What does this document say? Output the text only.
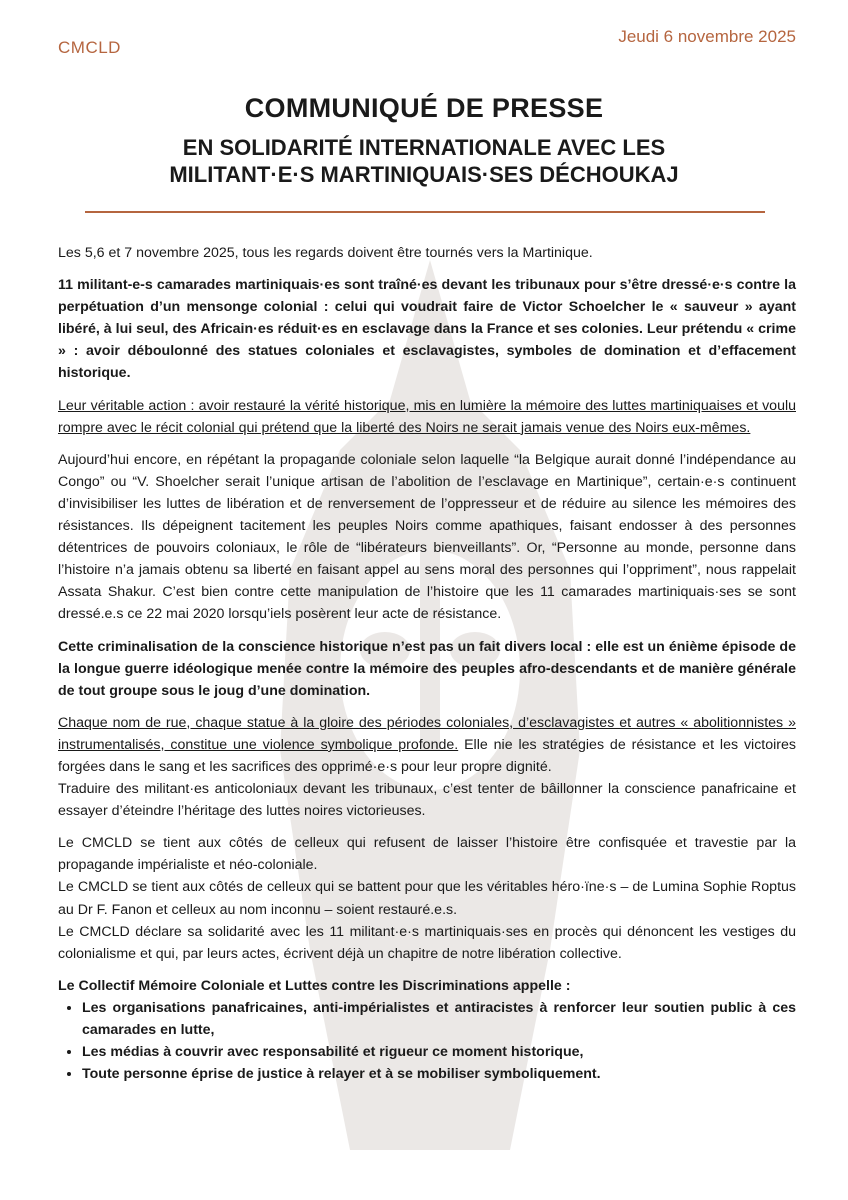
CMCLD
Jeudi 6 novembre 2025
COMMUNIQUÉ DE PRESSE
EN SOLIDARITÉ INTERNATIONALE AVEC LES
MILITANT·E·S MARTINIQUAIS·SES DÉCHOUKAJ

Les 5,6 et 7 novembre 2025, tous les regards doivent être tournés vers la Martinique.

11 militant-e-s camarades martiniquais·es sont traîné·es devant les tribunaux pour s’être dressé·e·s contre la perpétuation d’un mensonge colonial : celui qui voudrait faire de Victor Schoelcher le « sauveur » ayant libéré, à lui seul, des Africain·es réduit·es en esclavage dans la France et ses colonies. Leur prétendu « crime » : avoir déboulonné des statues coloniales et esclavagistes, symboles de domination et d’effacement historique.

Leur véritable action : avoir restauré la vérité historique, mis en lumière la mémoire des luttes martiniquaises et voulu rompre avec le récit colonial qui prétend que la liberté des Noirs ne serait jamais venue des Noirs eux-mêmes.

Aujourd’hui encore, en répétant la propagande coloniale selon laquelle “la Belgique aurait donné l’indépendance au Congo” ou “V. Shoelcher serait l’unique artisan de l’abolition de l’esclavage en Martinique”, certain·e·s continuent d’invisibiliser les luttes de libération et de renversement de l’oppresseur et de réduire au silence les mémoires des résistances. Ils dépeignent tacitement les peuples Noirs comme apathiques, faisant endosser à des personnes détentrices de pouvoirs coloniaux, le rôle de “libérateurs bienveillants”. Or, “Personne au monde, personne dans l’histoire n’a jamais obtenu sa liberté en faisant appel au sens moral des personnes qui l’oppriment”, nous rappelait Assata Shakur. C’est bien contre cette manipulation de l’histoire que les 11 camarades martiniquais·ses se sont dressé.e.s ce 22 mai 2020 lorsqu’iels posèrent leur acte de résistance.

Cette criminalisation de la conscience historique n’est pas un fait divers local : elle est un énième épisode de la longue guerre idéologique menée contre la mémoire des peuples afro-descendants et de manière générale de tout groupe sous le joug d’une domination.

Chaque nom de rue, chaque statue à la gloire des périodes coloniales, d’esclavagistes et autres « abolitionnistes » instrumentalisés, constitue une violence symbolique profonde. Elle nie les stratégies de résistance et les victoires forgées dans le sang et les sacrifices des opprimé·e·s pour leur propre dignité.

Traduire des militant·es anticoloniaux devant les tribunaux, c’est tenter de bâillonner la conscience panafricaine et essayer d’éteindre l’héritage des luttes noires victorieuses.

Le CMCLD se tient aux côtés de celleux qui refusent de laisser l’histoire être confisquée et travestie par la propagande impérialiste et néo-coloniale.

Le CMCLD se tient aux côtés de celleux qui se battent pour que les véritables héro·ïne·s – de Lumina Sophie Roptus au Dr F. Fanon et celleux au nom inconnu – soient restauré.e.s.

Le CMCLD déclare sa solidarité avec les 11 militant·e·s martiniquais·ses en procès qui dénoncent les vestiges du colonialisme et qui, par leurs actes, écrivent déjà un chapitre de notre libération collective.

Le Collectif Mémoire Coloniale et Luttes contre les Discriminations appelle :

• Les organisations panafricaines, anti-impérialistes et antiracistes à renforcer leur soutien public à ces camarades en lutte,
• Les médias à couvrir avec responsabilité et rigueur ce moment historique,
• Toute personne éprise de justice à relayer et à se mobiliser symboliquement.
